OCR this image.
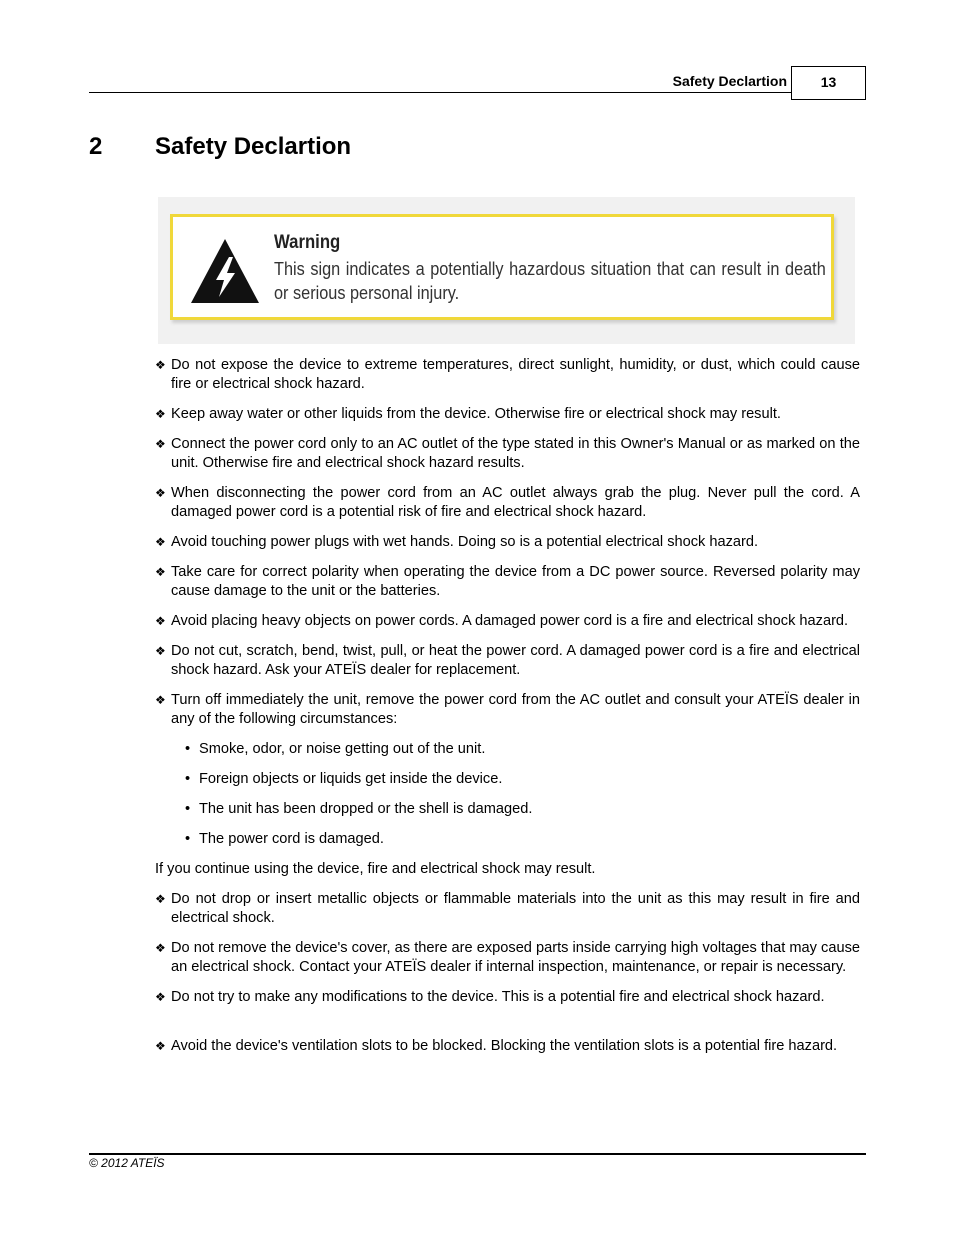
Safety Declartion	13
2 Safety Declartion
Warning
This sign indicates a potentially hazardous situation that can result in death or serious personal injury.
❖ Do not expose the device to extreme temperatures, direct sunlight, humidity, or dust, which could cause fire or electrical shock hazard.
❖ Keep away water or other liquids from the device. Otherwise fire or electrical shock may result.
❖ Connect the power cord only to an AC outlet of the type stated in this Owner's Manual or as marked on the unit. Otherwise fire and electrical shock hazard results.
❖ When disconnecting the power cord from an AC outlet always grab the plug. Never pull the cord. A damaged power cord is a potential risk of fire and electrical shock hazard.
❖ Avoid touching power plugs with wet hands. Doing so is a potential electrical shock hazard.
❖ Take care for correct polarity when operating the device from a DC power source. Reversed polarity may cause damage to the unit or the batteries.
❖ Avoid placing heavy objects on power cords. A damaged power cord is a fire and electrical shock hazard.
❖ Do not cut, scratch, bend, twist, pull, or heat the power cord. A damaged power cord is a fire and electrical shock hazard. Ask your ATEÏS dealer for replacement.
❖ Turn off immediately the unit, remove the power cord from the AC outlet and consult your ATEÏS dealer in any of the following circumstances:
• Smoke, odor, or noise getting out of the unit.
• Foreign objects or liquids get inside the device.
• The unit has been dropped or the shell is damaged.
• The power cord is damaged.
If you continue using the device, fire and electrical shock may result.
❖ Do not drop or insert metallic objects or flammable materials into the unit as this may result in fire and electrical shock.
❖ Do not remove the device's cover, as there are exposed parts inside carrying high voltages that may cause an electrical shock. Contact your ATEÏS dealer if internal inspection, maintenance, or repair is necessary.
❖ Do not try to make any modifications to the device. This is a potential fire and electrical shock hazard.
❖ Avoid the device's ventilation slots to be blocked. Blocking the ventilation slots is a potential fire hazard.
© 2012 ATEÏS
